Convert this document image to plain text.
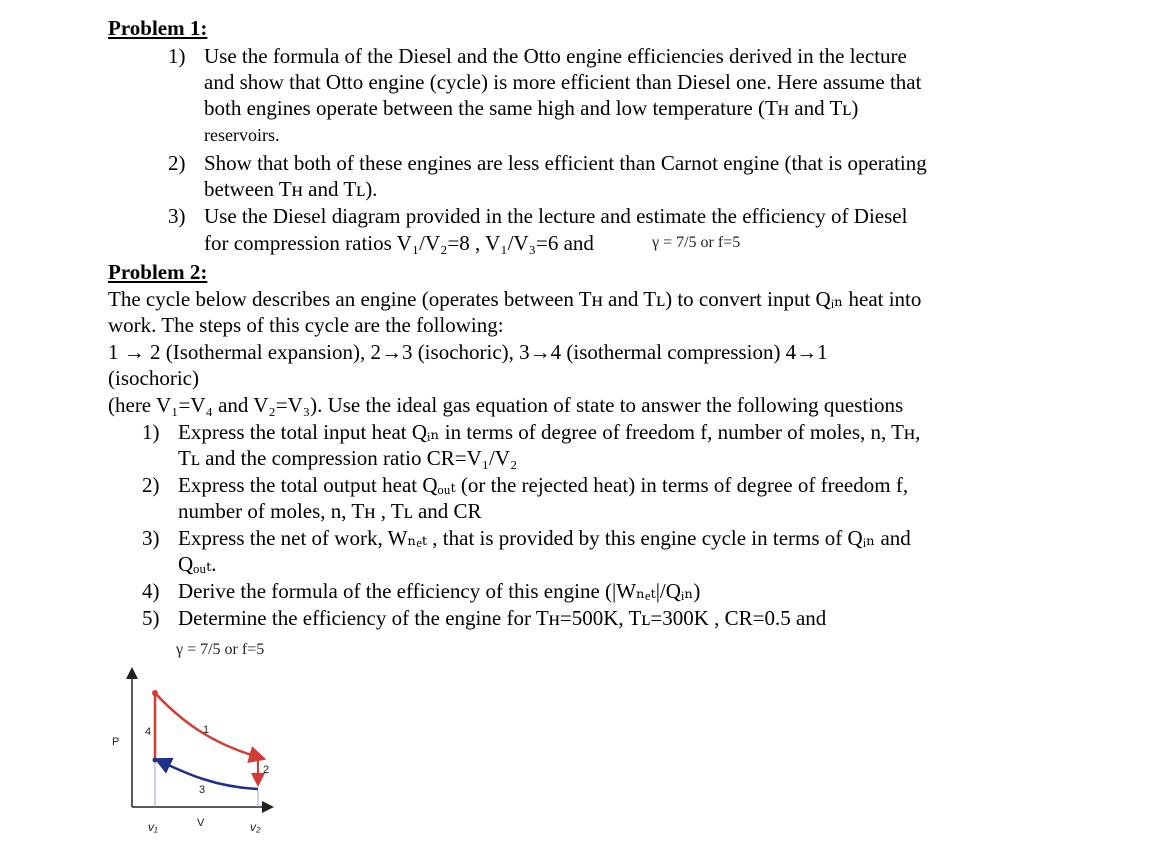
Problem 1:
1) Use the formula of the Diesel and the Otto engine efficiencies derived in the lecture
and show that Otto engine (cycle) is more efficient than Diesel one. Here assume that
both engines operate between the same high and low temperature (Tʜ and Tʟ)
reservoirs.
2) Show that both of these engines are less efficient than Carnot engine (that is operating
between Tʜ and Tʟ).
3) Use the Diesel diagram provided in the lecture and estimate the efficiency of Diesel
for compression ratios V₁/V₂=8 , V₁/V₃=6 and	γ = 7/5 or f=5
Problem 2:
The cycle below describes an engine (operates between Tʜ and Tʟ) to convert input Qᵢₙ heat into
work. The steps of this cycle are the following:
1 → 2 (Isothermal expansion), 2→3 (isochoric), 3→4 (isothermal compression) 4→1
(isochoric)
(here V₁=V₄ and V₂=V₃). Use the ideal gas equation of state to answer the following questions
1) Express the total input heat Qᵢₙ in terms of degree of freedom f, number of moles, n, Tʜ,
Tʟ and the compression ratio CR=V₁/V₂
2) Express the total output heat Qₒᵤₜ (or the rejected heat) in terms of degree of freedom f,
number of moles, n, Tʜ , Tʟ and CR
3) Express the net of work, Wₙₑₜ , that is provided by this engine cycle in terms of Qᵢₙ and
Qₒᵤₜ.
4) Derive the formula of the efficiency of this engine (|Wₙₑₜ|/Qᵢₙ)
5) Determine the efficiency of the engine for Tʜ=500K, Tʟ=300K , CR=0.5 and
γ = 7/5 or f=5
P
V
v₁	v₂
1
2
3
4
